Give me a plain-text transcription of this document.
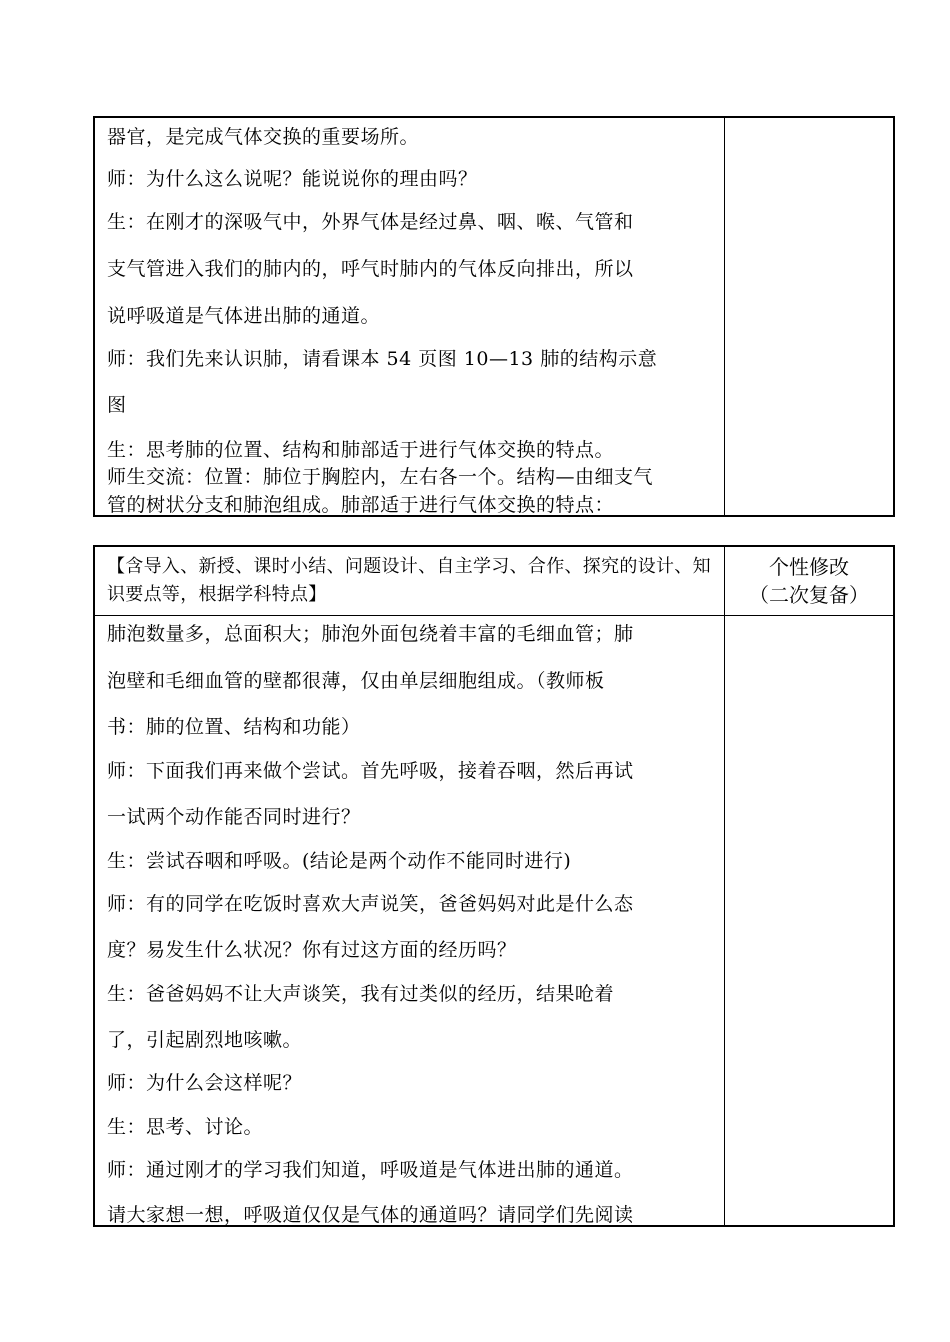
器官，是完成气体交换的重要场所。
师：为什么这么说呢？能说说你的理由吗？
生：在刚才的深吸气中，外界气体是经过鼻、咽、喉、气管和
支气管进入我们的肺内的，呼气时肺内的气体反向排出，所以
说呼吸道是气体进出肺的通道。
师：我们先来认识肺，请看课本 54 页图 10—13 肺的结构示意
图
生：思考肺的位置、结构和肺部适于进行气体交换的特点。
师生交流：位置：肺位于胸腔内，左右各一个。结构—由细支气
管的树状分支和肺泡组成。肺部适于进行气体交换的特点：
【含导入、新授、课时小结、问题设计、自主学习、合作、探究的设计、知识要点等，根据学科特点】
个性修改
（二次复备）
肺泡数量多，总面积大；肺泡外面包绕着丰富的毛细血管；肺
泡壁和毛细血管的壁都很薄，仅由单层细胞组成。（教师板
书：肺的位置、结构和功能）
师：下面我们再来做个尝试。首先呼吸，接着吞咽，然后再试
一试两个动作能否同时进行？
生：尝试吞咽和呼吸。(结论是两个动作不能同时进行)
师：有的同学在吃饭时喜欢大声说笑，爸爸妈妈对此是什么态
度？易发生什么状况？你有过这方面的经历吗？
生：爸爸妈妈不让大声谈笑，我有过类似的经历，结果呛着
了，引起剧烈地咳嗽。
师：为什么会这样呢？
生：思考、讨论。
师：通过刚才的学习我们知道，呼吸道是气体进出肺的通道。
请大家想一想，呼吸道仅仅是气体的通道吗？请同学们先阅读
